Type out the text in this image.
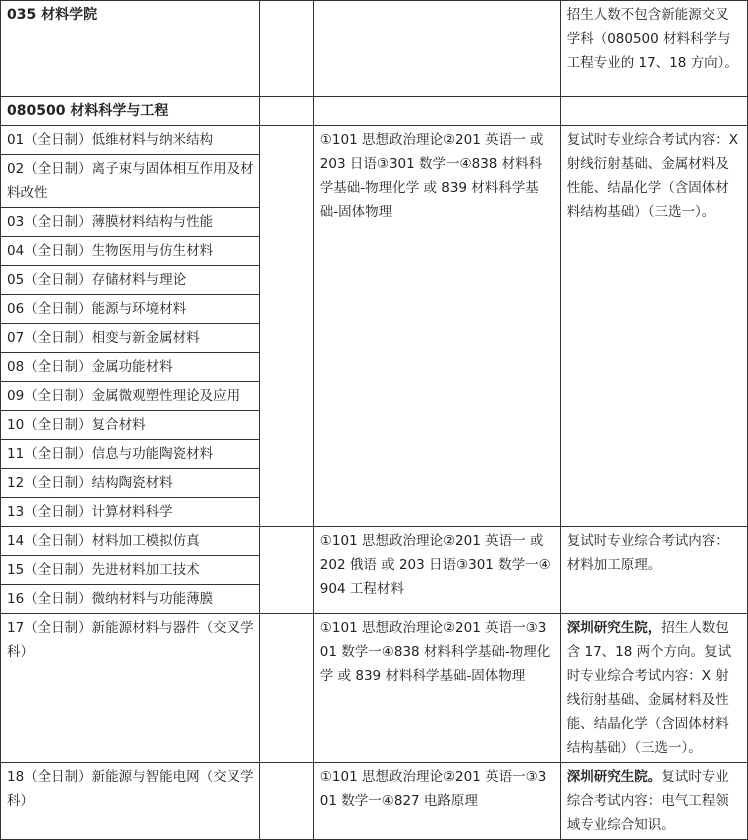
035 材料学院			招生人数不包含新能源交叉学科（080500 材料科学与工程专业的 17、18 方向）。
080500 材料科学与工程			
01（全日制）低维材料与纳米结构		①101 思想政治理论②201 英语一 或 203 日语③301 数学一④838 材料科学基础-物理化学 或 839 材料科学基础-固体物理	复试时专业综合考试内容：X 射线衍射基础、金属材料及性能、结晶化学（含固体材料结构基础）（三选一）。
02（全日制）离子束与固体相互作用及材料改性			
03（全日制）薄膜材料结构与性能			
04（全日制）生物医用与仿生材料			
05（全日制）存储材料与理论			
06（全日制）能源与环境材料			
07（全日制）相变与新金属材料			
08（全日制）金属功能材料			
09（全日制）金属微观塑性理论及应用			
10（全日制）复合材料			
11（全日制）信息与功能陶瓷材料			
12（全日制）结构陶瓷材料			
13（全日制）计算材料科学			
14（全日制）材料加工模拟仿真		①101 思想政治理论②201 英语一 或 202 俄语 或 203 日语③301 数学一④904 工程材料	复试时专业综合考试内容：材料加工原理。
15（全日制）先进材料加工技术			
16（全日制）微纳材料与功能薄膜			
17（全日制）新能源材料与器件（交叉学科）		①101 思想政治理论②201 英语一③301 数学一④838 材料科学基础-物理化学 或 839 材料科学基础-固体物理	深圳研究生院，招生人数包含 17、18 两个方向。复试时专业综合考试内容：X 射线衍射基础、金属材料及性能、结晶化学（含固体材料结构基础）（三选一）。
18（全日制）新能源与智能电网（交叉学科）		①101 思想政治理论②201 英语一③301 数学一④827 电路原理	深圳研究生院。复试时专业综合考试内容：电气工程领域专业综合知识。
